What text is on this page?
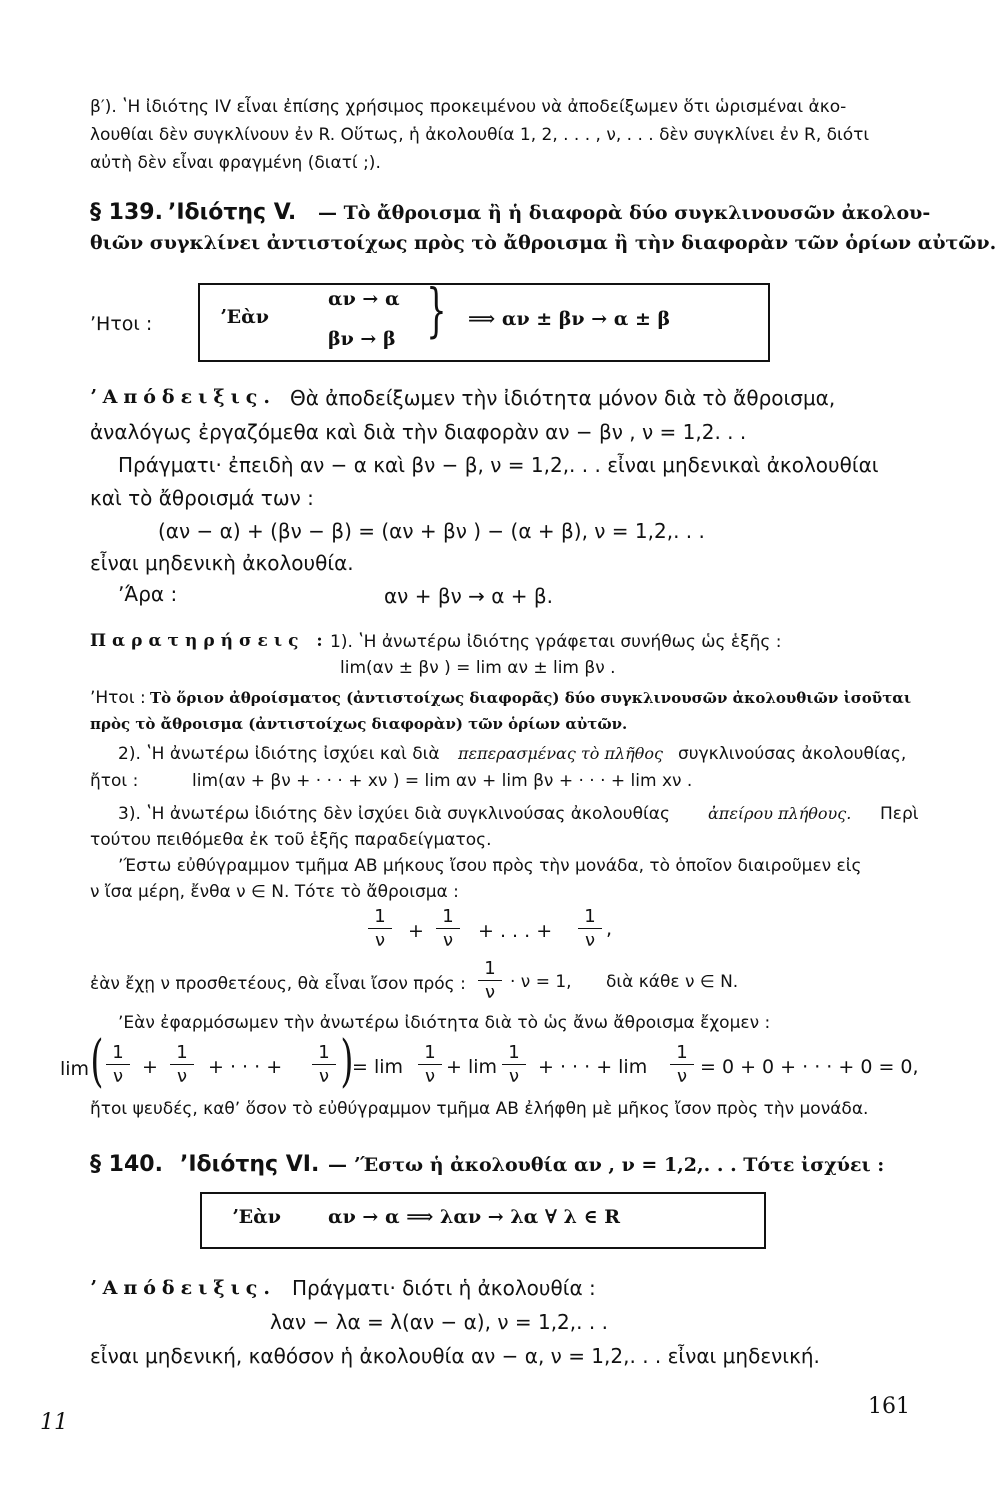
β′). ʽΗ ἰδιότης IV εἶναι ἐπίσης χρήσιμος προκειμένου νὰ ἀποδείξωμεν ὅτι ὡρισμέναι ἀκο-
λουθίαι δὲν συγκλίνουν ἐν R. Οὕτως, ἡ ἀκολουθία 1, 2, . . . , ν, . . . δὲν συγκλίνει ἐν R, διότι
αὐτὴ δὲν εἶναι φραγμένη (διατί ;).
§ 139. ʼΙδιότης V. — Τὸ ἄθροισμα ἢ ἡ διαφορὰ δύο συγκλινουσῶν ἀκολου-
θιῶν συγκλίνει ἀντιστοίχως πρὸς τὸ ἄθροισμα ἢ τὴν διαφορὰν τῶν ὁρίων αὐτῶν.
ʼΗτοι :	ʼΕὰν
αν → α
βν → β } ⟹ αν ± βν → α ± β
ʼΑπόδειξις. Θὰ ἀποδείξωμεν τὴν ἰδιότητα μόνον διὰ τὸ ἄθροισμα,
ἀναλόγως ἐργαζόμεθα καὶ διὰ τὴν διαφορὰν αν − βν , ν = 1,2. . .
Πράγματι· ἐπειδὴ αν − α καὶ βν − β, ν = 1,2,. . . εἶναι μηδενικαὶ ἀκολουθίαι
καὶ τὸ ἄθροισμά των :
(αν − α) + (βν − β) = (αν + βν ) − (α + β), ν = 1,2,. . .
εἶναι μηδενικὴ ἀκολουθία.
ʼΆρα :	αν + βν → α + β.
Παρατηρήσεις : 1). ʽΗ ἀνωτέρω ἰδιότης γράφεται συνήθως ὡς ἑξῆς :
lim(αν ± βν ) = lim αν ± lim βν .
ʼΗτοι : Τὸ ὅριον ἀθροίσματος (ἀντιστοίχως διαφορᾶς) δύο συγκλινουσῶν ἀκολουθιῶν ἰσοῦται
πρὸς τὸ ἄθροισμα (ἀντιστοίχως διαφορὰν) τῶν ὁρίων αὐτῶν.
2). ʽΗ ἀνωτέρω ἰδιότης ἰσχύει καὶ διὰ πεπερασμένας τὸ πλῆθος συγκλινούσας ἀκολουθίας,
ἤτοι :	lim(αν + βν + · · · + xν ) = lim αν + lim βν + · · · + lim xν .
3). ʽΗ ἀνωτέρω ἰδιότης δὲν ἰσχύει διὰ συγκλινούσας ἀκολουθίας ἀπείρου πλήθους. Περὶ
τούτου πειθόμεθα ἐκ τοῦ ἑξῆς παραδείγματος.
ʼΈστω εὐθύγραμμον τμῆμα ΑΒ μήκους ἴσου πρὸς τὴν μονάδα, τὸ ὁποῖον διαιροῦμεν εἰς
ν ἴσα μέρη, ἔνθα ν ∈ N. Τότε τὸ ἄθροισμα :
1
ν	+
1
ν	+ . . . +
1
ν
,
ἐὰν ἔχῃ ν προσθετέους, θὰ εἶναι ἴσον πρός :
1
ν · ν = 1, διὰ κάθε ν ∈ N.
ʼΕὰν ἐφαρμόσωμεν τὴν ἀνωτέρω ἰδιότητα διὰ τὸ ὡς ἄνω ἄθροισμα ἔχομεν :
lim ( 1
ν +
1
ν	+ · · · +
1
ν )
= lim
1
ν + lim
1
ν + · · · + lim
1
ν = 0 + 0 + · · · + 0 = 0,
ἤτοι ψευδές, καθʼ ὅσον τὸ εὐθύγραμμον τμῆμα ΑΒ ἐλήφθη μὲ μῆκος ἴσον πρὸς τὴν μονάδα.
§ 140. ʼΙδιότης VI. — ʼΈστω ἡ ἀκολουθία αν , ν = 1,2,. . . Τότε ἰσχύει :
ʼΕὰν αν → α ⟹ λαν → λα ∀ λ ∈ R
ʼΑπόδειξις. Πράγματι· διότι ἡ ἀκολουθία :
λαν − λα = λ(αν − α), ν = 1,2,. . .
εἶναι μηδενική, καθόσον ἡ ἀκολουθία αν − α, ν = 1,2,. . . εἶναι μηδενική.
11
161
